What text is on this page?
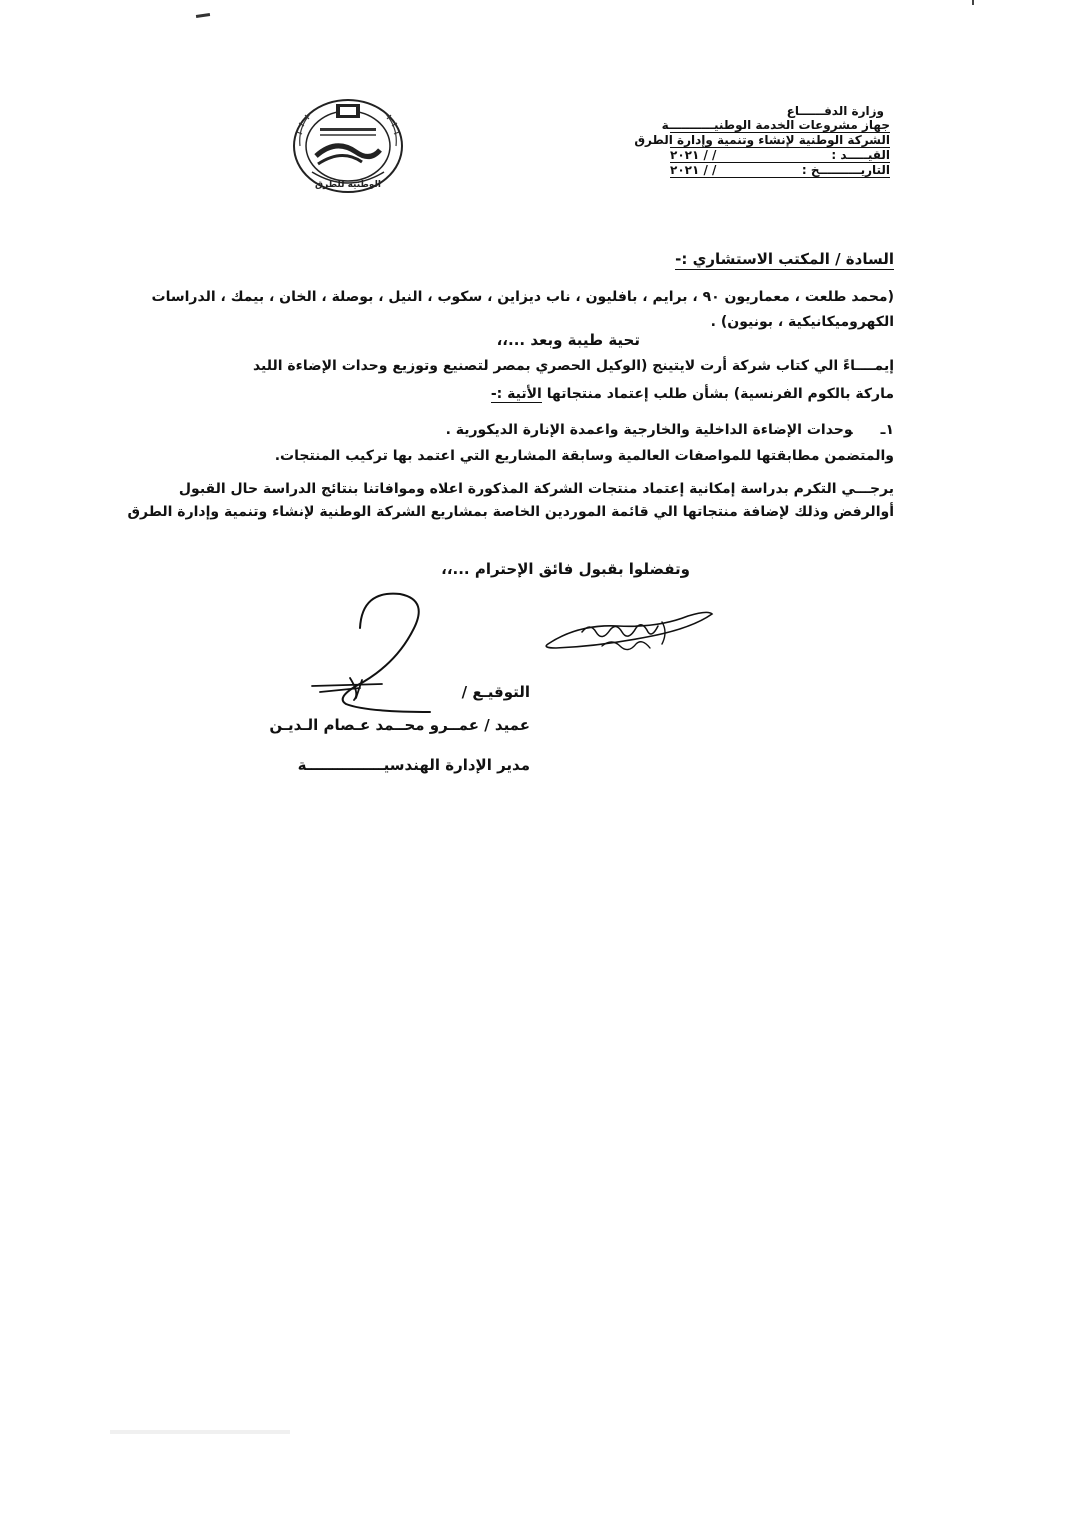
وزارة الدفــــــاع
جهاز مشروعات الخدمة الوطنيـــــــــــة
الشركة الوطنية لإنشاء وتنمية وإدارة الطرق
القيـــــد :
/ / ٢٠٢١
التاريــــــــــخ :
/ / ٢٠٢١
الوطنية للطرق
السادة / المكتب الاستشاري :-
(محمد طلعت ، معماريون ٩٠ ، برايم ، بافليون ، ناب ديزاين ، سكوب ، النيل ، بوصلة ، الخان ، بيمك ، الدراسات
الكهروميكانيكية ، بونيون) .
تحية طيبة وبعد ...،،
إيمــــاءً الي كتاب شركة أرت لايتينج (الوكيل الحصري بمصر لتصنيع وتوزيع وحدات الإضاءة الليد
ماركة بالكوم الفرنسية) بشأن طلب إعتماد منتجاتها الأتية :-
١ـوحدات الإضاءة الداخلية والخارجية واعمدة الإنارة الديكورية .
والمتضمن مطابقتها للمواصفات العالمية وسابقة المشاريع التي اعتمد بها تركيب المنتجات.
يرجـــي التكرم بدراسة إمكانية إعتماد منتجات الشركة المذكورة اعلاه وموافاتنا بنتائج الدراسة حال القبول
أوالرفض وذلك لإضافة منتجاتها الي قائمة الموردين الخاصة بمشاريع الشركة الوطنية لإنشاء وتنمية وإدارة الطرق
وتفضلوا بقبول فائق الإحترام ...،،
التوقيـع /
عميد / عمــرو محــمد عـصام الـديـن
مدير الإدارة الهندسيـــــــــــــــة
